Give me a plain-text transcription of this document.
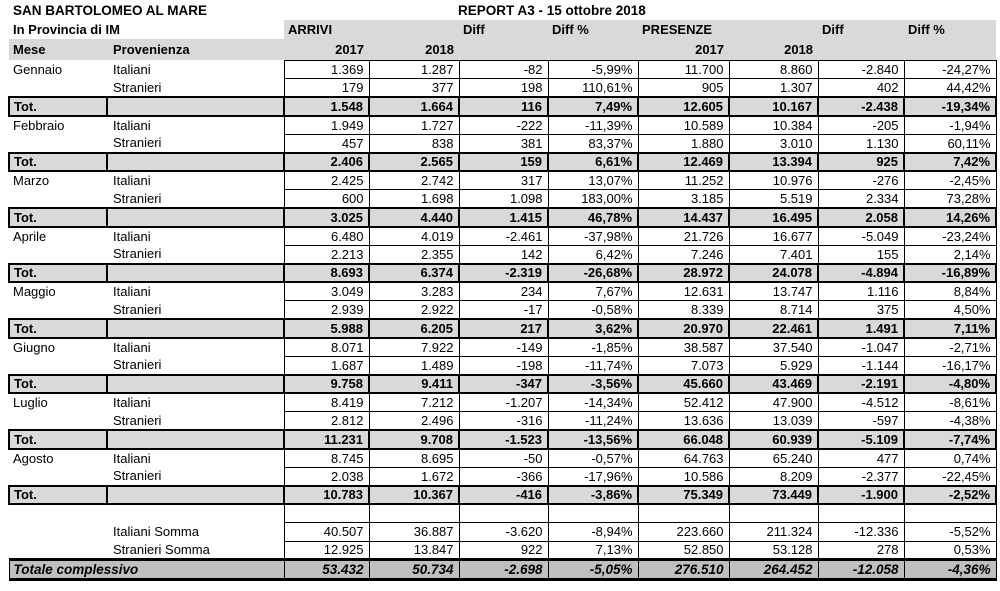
SAN BARTOLOMEO AL MARE		REPORT A3 - 15 ottobre 2018							
In Provincia di IM		ARRIVI		Diff	Diff %	PRESENZE		Diff	Diff %
Mese	Provenienza	2017	2018			2017	2018		
Gennaio	Italiani	1.369	1.287	-82	-5,99%	11.700	8.860	-2.840	-24,27%
	Stranieri	179	377	198	110,61%	905	1.307	402	44,42%
Tot.		1.548	1.664	116	7,49%	12.605	10.167	-2.438	-19,34%
Febbraio	Italiani	1.949	1.727	-222	-11,39%	10.589	10.384	-205	-1,94%
	Stranieri	457	838	381	83,37%	1.880	3.010	1.130	60,11%
Tot.		2.406	2.565	159	6,61%	12.469	13.394	925	7,42%
Marzo	Italiani	2.425	2.742	317	13,07%	11.252	10.976	-276	-2,45%
	Stranieri	600	1.698	1.098	183,00%	3.185	5.519	2.334	73,28%
Tot.		3.025	4.440	1.415	46,78%	14.437	16.495	2.058	14,26%
Aprile	Italiani	6.480	4.019	-2.461	-37,98%	21.726	16.677	-5.049	-23,24%
	Stranieri	2.213	2.355	142	6,42%	7.246	7.401	155	2,14%
Tot.		8.693	6.374	-2.319	-26,68%	28.972	24.078	-4.894	-16,89%
Maggio	Italiani	3.049	3.283	234	7,67%	12.631	13.747	1.116	8,84%
	Stranieri	2.939	2.922	-17	-0,58%	8.339	8.714	375	4,50%
Tot.		5.988	6.205	217	3,62%	20.970	22.461	1.491	7,11%
Giugno	Italiani	8.071	7.922	-149	-1,85%	38.587	37.540	-1.047	-2,71%
	Stranieri	1.687	1.489	-198	-11,74%	7.073	5.929	-1.144	-16,17%
Tot.		9.758	9.411	-347	-3,56%	45.660	43.469	-2.191	-4,80%
Luglio	Italiani	8.419	7.212	-1.207	-14,34%	52.412	47.900	-4.512	-8,61%
	Stranieri	2.812	2.496	-316	-11,24%	13.636	13.039	-597	-4,38%
Tot.		11.231	9.708	-1.523	-13,56%	66.048	60.939	-5.109	-7,74%
Agosto	Italiani	8.745	8.695	-50	-0,57%	64.763	65.240	477	0,74%
	Stranieri	2.038	1.672	-366	-17,96%	10.586	8.209	-2.377	-22,45%
Tot.		10.783	10.367	-416	-3,86%	75.349	73.449	-1.900	-2,52%

	Italiani Somma	40.507	36.887	-3.620	-8,94%	223.660	211.324	-12.336	-5,52%
	Stranieri Somma	12.925	13.847	922	7,13%	52.850	53.128	278	0,53%
Totale complessivo		53.432	50.734	-2.698	-5,05%	276.510	264.452	-12.058	-4,36%
